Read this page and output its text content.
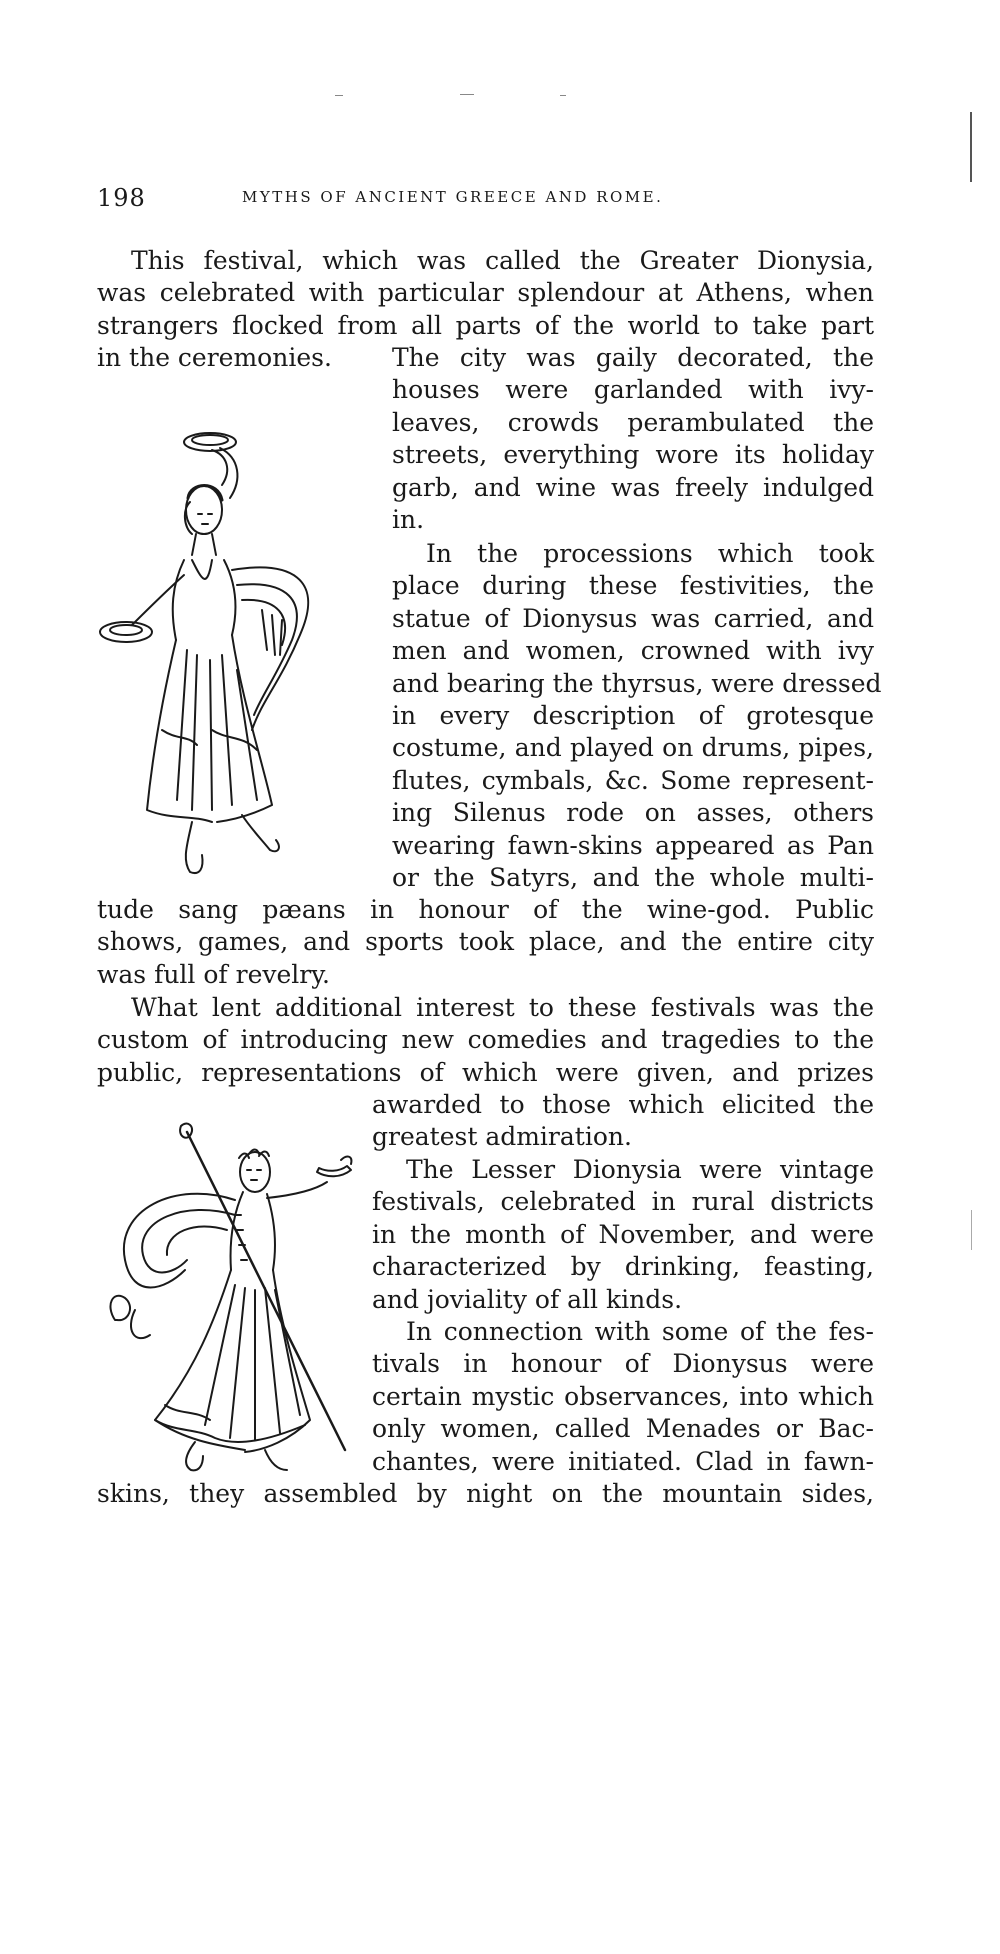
198	MYTHS OF ANCIENT GREECE AND ROME.
This festival, which was called the Greater Dionysia,
was celebrated with particular splendour at Athens, when
strangers flocked from all parts of the world to take part
in the ceremonies.	The city was gaily decorated, the
houses were garlanded with ivy-
leaves, crowds perambulated the
streets, everything wore its holiday
garb, and wine was freely indulged
in.
In the processions which took
place during these festivities, the
statue of Dionysus was carried, and
men and women, crowned with ivy
and bearing the thyrsus, were dressed
in every description of grotesque
costume, and played on drums, pipes,
flutes, cymbals, &c. Some represent-
ing Silenus rode on asses, others
wearing fawn-skins appeared as Pan
or the Satyrs, and the whole multi-
tude sang pæans in honour of the wine-god. Public
shows, games, and sports took place, and the entire city
was full of revelry.
What lent additional interest to these festivals was the
custom of introducing new comedies and tragedies to the
public, representations of which were given, and prizes
awarded to those which elicited the
greatest admiration.
The Lesser Dionysia were vintage
festivals, celebrated in rural districts
in the month of November, and were
characterized by drinking, feasting,
and joviality of all kinds.
In connection with some of the fes-
tivals in honour of Dionysus were
certain mystic observances, into which
only women, called Menades or Bac-
chantes, were initiated. Clad in fawn-
skins, they assembled by night on the mountain sides,
